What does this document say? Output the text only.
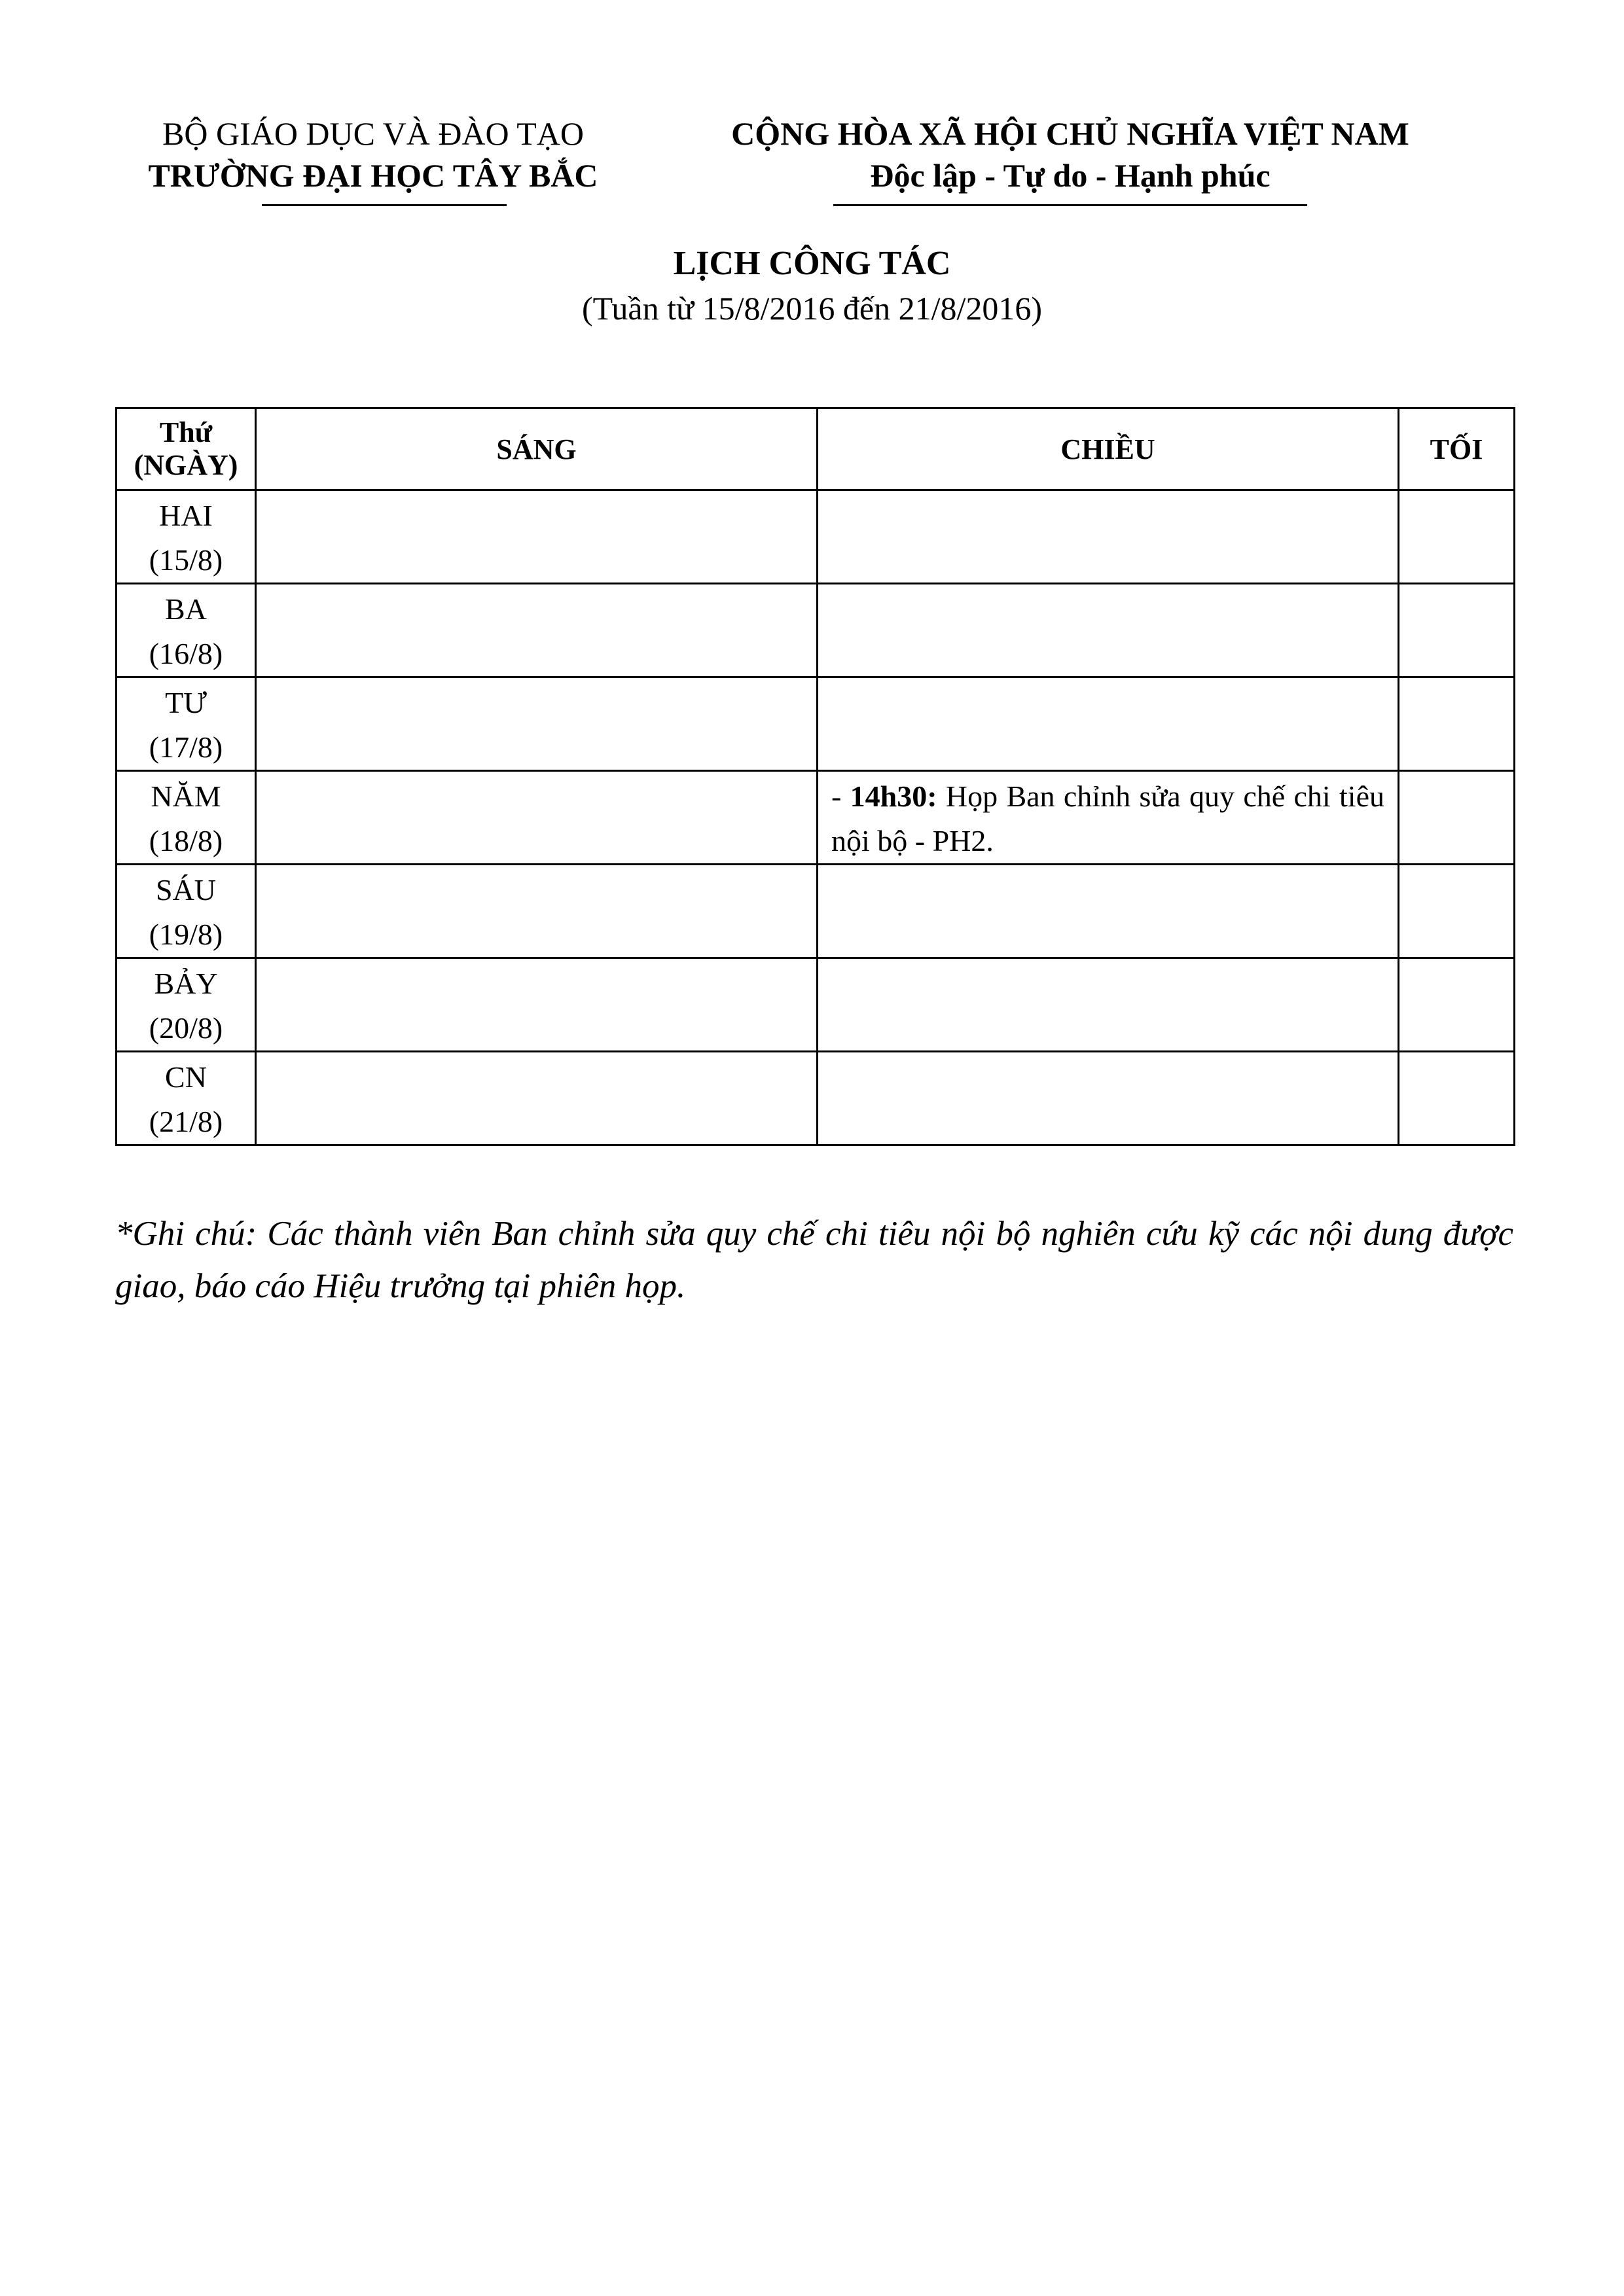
BỘ GIÁO DỤC VÀ ĐÀO TẠO
TRƯỜNG ĐẠI HỌC TÂY BẮC
CỘNG HÒA XÃ HỘI CHỦ NGHĨA VIỆT NAM
Độc lập - Tự do - Hạnh phúc
LỊCH CÔNG TÁC
(Tuần từ 15/8/2016 đến 21/8/2016)
Thứ
(NGÀY)	SÁNG	CHIỀU	TỐI

HAI
(15/8)			

BA
(16/8)			

TƯ
(17/8)			

NĂM
(18/8)		- 14h30: Họp Ban chỉnh sửa quy chế chi tiêu nội bộ - PH2.	

SÁU
(19/8)			

BẢY
(20/8)			

CN
(21/8)			

*Ghi chú: Các thành viên Ban chỉnh sửa quy chế chi tiêu nội bộ nghiên cứu kỹ các nội dung được giao, báo cáo Hiệu trưởng tại phiên họp.
